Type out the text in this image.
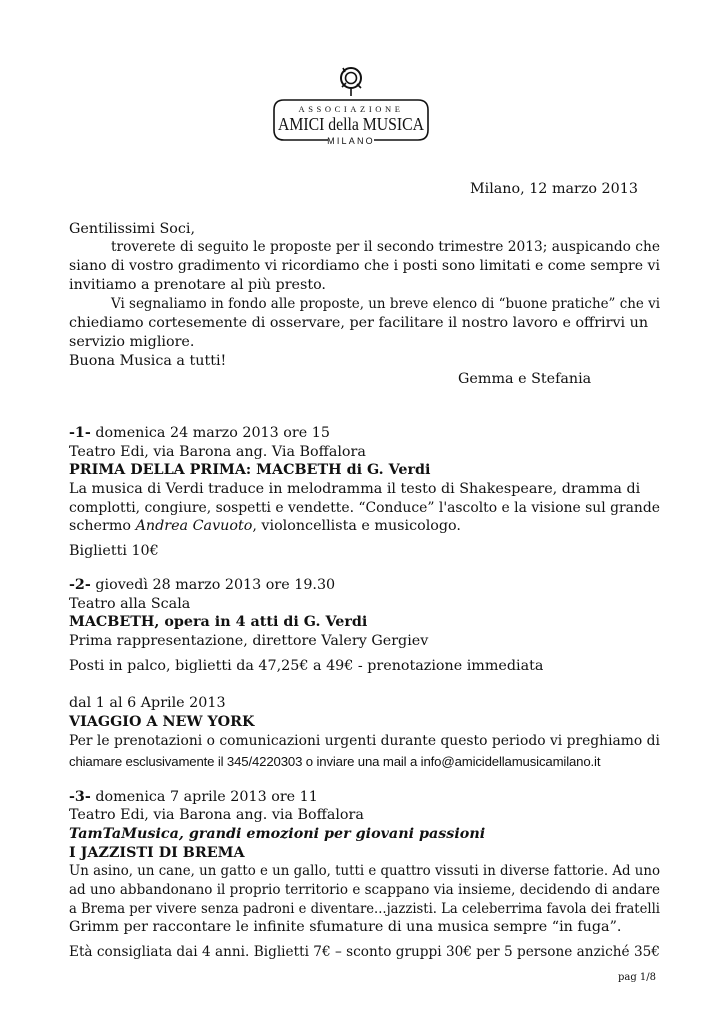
ASSOCIAZIONE
AMICI della MUSICA
MILANO
Milano, 12 marzo 2013
Gentilissimi Soci,
troverete di seguito le proposte per il secondo trimestre 2013; auspicando che
siano di vostro gradimento vi ricordiamo che i posti sono limitati e come sempre vi
invitiamo a prenotare al più presto.
Vi segnaliamo in fondo alle proposte, un breve elenco di “buone pratiche” che vi
chiediamo cortesemente di osservare, per facilitare il nostro lavoro e offrirvi un
servizio migliore.
Buona Musica a tutti!
Gemma e Stefania
-1- domenica 24 marzo 2013 ore 15
Teatro Edi, via Barona ang. Via Boffalora
PRIMA DELLA PRIMA: MACBETH di G. Verdi
La musica di Verdi traduce in melodramma il testo di Shakespeare, dramma di
complotti, congiure, sospetti e vendette. “Conduce” l'ascolto e la visione sul grande
schermo Andrea Cavuoto, violoncellista e musicologo.
Biglietti 10€
-2- giovedì 28 marzo 2013 ore 19.30
Teatro alla Scala
MACBETH, opera in 4 atti di G. Verdi
Prima rappresentazione, direttore Valery Gergiev
Posti in palco, biglietti da 47,25€ a 49€ - prenotazione immediata
dal 1 al 6 Aprile 2013
VIAGGIO A NEW YORK
Per le prenotazioni o comunicazioni urgenti durante questo periodo vi preghiamo di
chiamare esclusivamente il 345/4220303 o inviare una mail a info@amicidellamusicamilano.it
-3- domenica 7 aprile 2013 ore 11
Teatro Edi, via Barona ang. via Boffalora
TamTaMusica, grandi emozioni per giovani passioni
I JAZZISTI DI BREMA
Un asino, un cane, un gatto e un gallo, tutti e quattro vissuti in diverse fattorie. Ad uno
ad uno abbandonano il proprio territorio e scappano via insieme, decidendo di andare
a Brema per vivere senza padroni e diventare...jazzisti. La celeberrima favola dei fratelli
Grimm per raccontare le infinite sfumature di una musica sempre “in fuga”.
Età consigliata dai 4 anni. Biglietti 7€ – sconto gruppi 30€ per 5 persone anziché 35€
pag 1/8
